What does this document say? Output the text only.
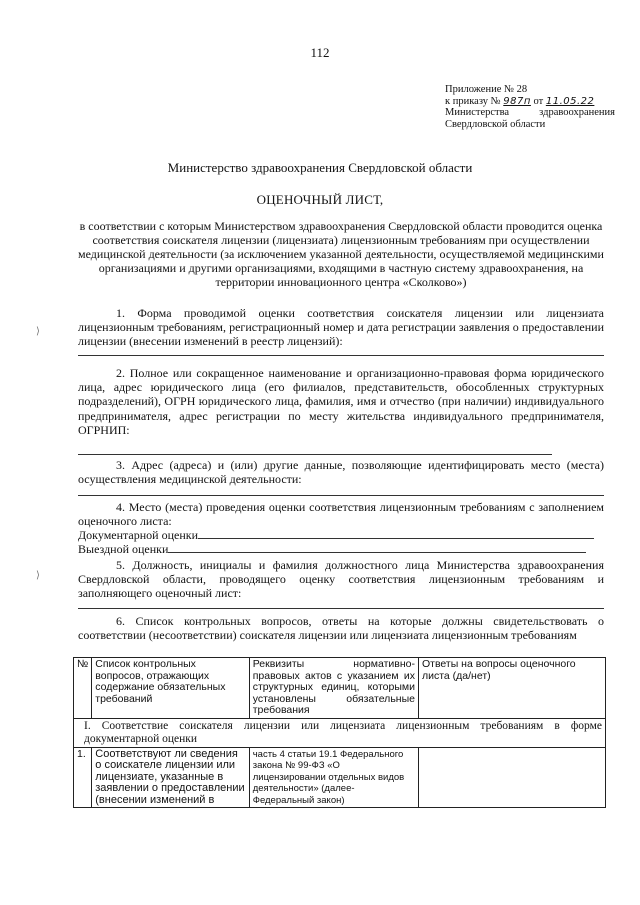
112
Приложение № 28
к приказу № 987п от 11.05.22
Министерства	здравоохранения
Свердловской области
Министерство здравоохранения Свердловской области
ОЦЕНОЧНЫЙ ЛИСТ,
в соответствии с которым Министерством здравоохранения Свердловской области проводится оценка соответствия соискателя лицензии (лицензиата) лицензионным требованиям при осуществлении медицинской деятельности (за исключением указанной деятельности, осуществляемой медицинскими организациями и другими организациями, входящими в частную систему здравоохранения, на территории инновационного центра «Сколково»)
1. Форма проводимой оценки соответствия соискателя лицензии или лицензиата лицензионным требованиям, регистрационный номер и дата регистрации заявления о предоставлении лицензии (внесении изменений в реестр лицензий):
2. Полное или сокращенное наименование и организационно-правовая форма юридического лица, адрес юридического лица (его филиалов, представительств, обособленных структурных подразделений), ОГРН юридического лица, фамилия, имя и отчество (при наличии) индивидуального предпринимателя, адрес регистрации по месту жительства индивидуального предпринимателя, ОГРНИП:
3. Адрес (адреса) и (или) другие данные, позволяющие идентифицировать место (места) осуществления медицинской деятельности:
4. Место (места) проведения оценки соответствия лицензионным требованиям с заполнением оценочного листа:
Документарной оценки
Выездной оценки
5. Должность, инициалы и фамилия должностного лица Министерства здравоохранения Свердловской области, проводящего оценку соответствия лицензионным требованиям и заполняющего оценочный лист:
6. Список контрольных вопросов, ответы на которые должны свидетельствовать о соответствии (несоответствии) соискателя лицензии или лицензиата лицензионным требованиям
№	Список контрольных вопросов, отражающих содержание обязательных требований	Реквизиты нормативно-правовых актов с указанием их структурных единиц, которыми установлены обязательные требования	Ответы на вопросы оценочного листа (да/нет)
I. Соответствие соискателя лицензии или лицензиата лицензионным требованиям в форме документарной оценки			
1.	Соответствуют ли сведения о соискателе лицензии или лицензиате, указанные в заявлении о предоставлении (внесении изменений в	часть 4 статьи 19.1 Федерального закона № 99-ФЗ «О лицензировании отдельных видов деятельности» (далее-Федеральный закон)	
⟩
⟩
